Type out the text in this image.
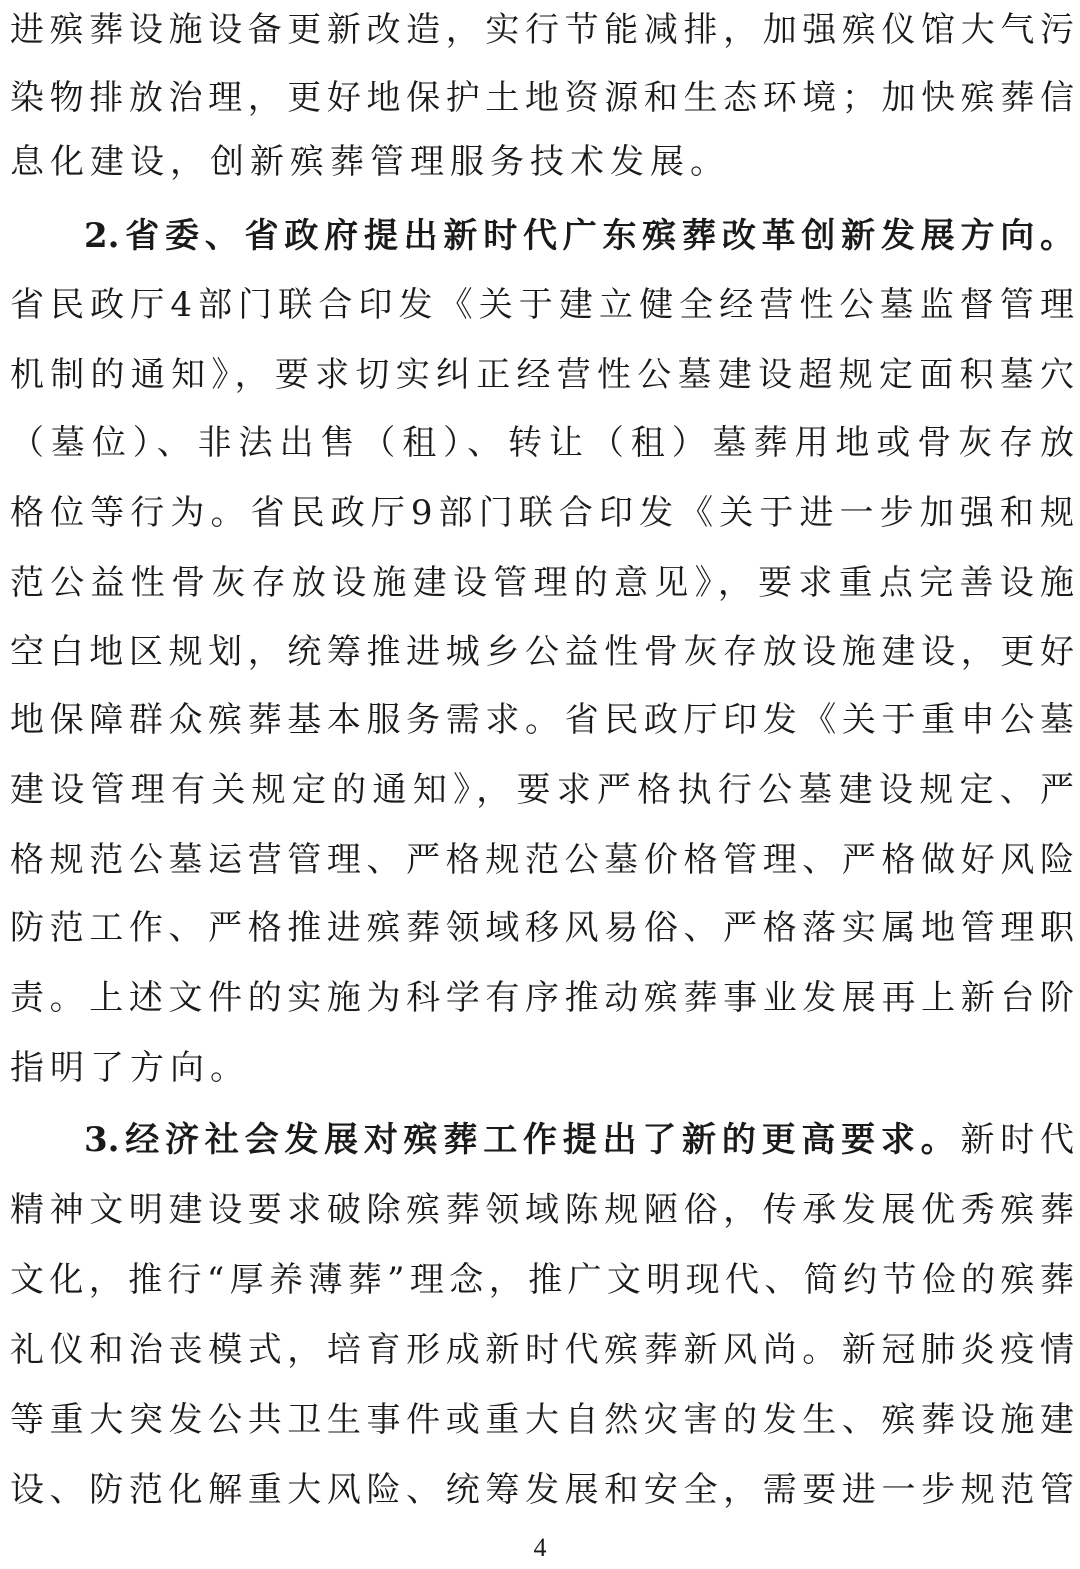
进殡葬设施设备更新改造，实行节能减排，加强殡仪馆大气污
染物排放治理，更好地保护土地资源和生态环境；加快殡葬信
息化建设，创新殡葬管理服务技术发展。
2.省委、省政府提出新时代广东殡葬改革创新发展方向。
省民政厅4部门联合印发《关于建立健全经营性公墓监督管理
机制的通知》，要求切实纠正经营性公墓建设超规定面积墓穴
（墓位）、非法出售（租）、转让（租）墓葬用地或骨灰存放
格位等行为。省民政厅9部门联合印发《关于进一步加强和规
范公益性骨灰存放设施建设管理的意见》，要求重点完善设施
空白地区规划，统筹推进城乡公益性骨灰存放设施建设，更好
地保障群众殡葬基本服务需求。省民政厅印发《关于重申公墓
建设管理有关规定的通知》，要求严格执行公墓建设规定、严
格规范公墓运营管理、严格规范公墓价格管理、严格做好风险
防范工作、严格推进殡葬领域移风易俗、严格落实属地管理职
责。上述文件的实施为科学有序推动殡葬事业发展再上新台阶
指明了方向。
3.经济社会发展对殡葬工作提出了新的更高要求。新时代
精神文明建设要求破除殡葬领域陈规陋俗，传承发展优秀殡葬
文化，推行“厚养薄葬”理念，推广文明现代、简约节俭的殡葬
礼仪和治丧模式，培育形成新时代殡葬新风尚。新冠肺炎疫情
等重大突发公共卫生事件或重大自然灾害的发生、殡葬设施建
设、防范化解重大风险、统筹发展和安全，需要进一步规范管
4
